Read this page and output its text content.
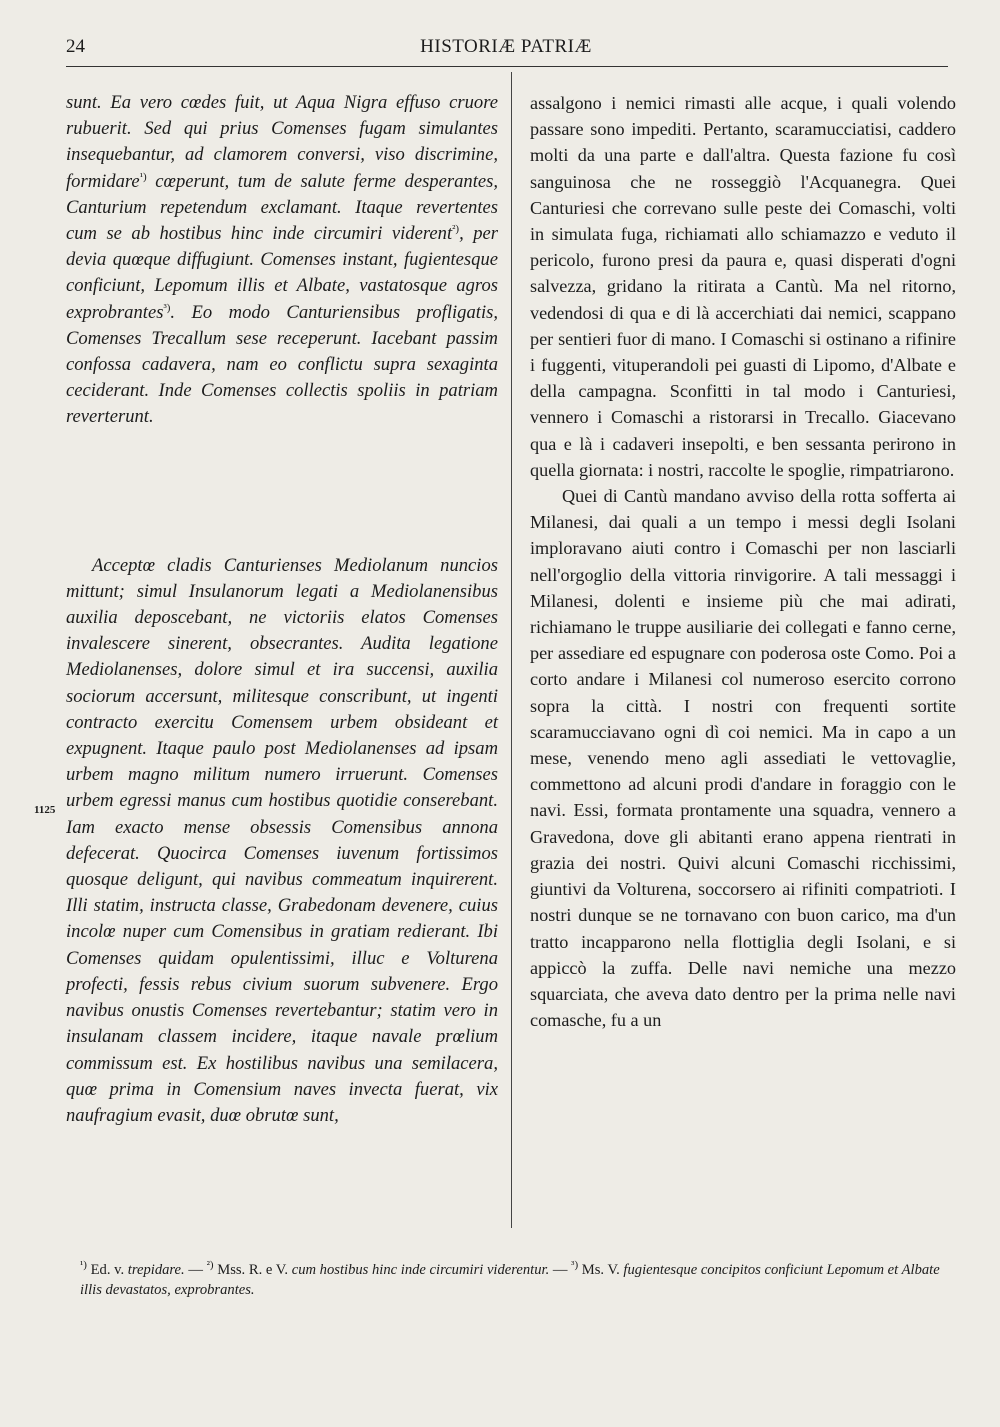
24	HISTORIÆ PATRIÆ

sunt. Ea vero cœdes fuit, ut Aqua Nigra effuso cruore rubuerit. Sed qui prius Comenses fugam simulantes insequebantur, ad clamorem conversi, viso discrimine, formidare$^{^1)}$ cœperunt, tum de salute ferme desperantes, Canturium repetendum exclamant. Itaque revertentes cum se ab hostibus hinc inde circumiri viderent$^{^2)}$, per devia quœque diffugiunt. Comenses instant, fugientesque conficiunt, Lepomum illis et Albate, vastatosque agros exprobrantes$^{^3)}$. Eo modo Canturiensibus profligatis, Comenses Trecallum sese receperunt. Iacebant passim confossa cadavera, nam eo conflictu supra sexaginta ceciderant. Inde Comenses collectis spoliis in patriam reverterunt.

Acceptœ cladis Canturienses Mediolanum nuncios mittunt; simul Insulanorum legati a Mediolanensibus auxilia deposcebant, ne victoriis elatos Comenses invalescere sinerent, obsecrantes. Audita legatione Mediolanenses, dolore simul et ira succensi, auxilia sociorum accersunt, militesque conscribunt, ut ingenti contracto exercitu Comensem urbem obsideant et expugnent. Itaque paulo post Mediolanenses ad ipsam urbem magno militum numero irruerunt. Comenses urbem egressi manus cum hostibus quotidie conserebant. Iam exacto mense obsessis Comensibus annona defecerat. Quocirca Comenses iuvenum fortissimos quosque deligunt, qui navibus commeatum inquirerent. Illi statim, instructa classe, Grabedonam devenere, cuius incolœ nuper cum Comensibus in gratiam redierant. Ibi Comenses quidam opulentissimi, illuc e Volturena profecti, fessis rebus civium suorum subvenere. Ergo navibus onustis Comenses revertebantur; statim vero in insulanam classem incidere, itaque navale prœlium commissum est. Ex hostilibus navibus una semilacera, quœ prima in Comensium naves invecta fuerat, vix naufragium evasit, duœ obrutœ sunt,

1125

assalgono i nemici rimasti alle acque, i quali volendo passare sono impediti. Pertanto, scaramucciatisi, caddero molti da una parte e dall'altra. Questa fazione fu così sanguinosa che ne rosseggiò l'Acquanegra. Quei Canturiesi che correvano sulle peste dei Comaschi, volti in simulata fuga, richiamati allo schiamazzo e veduto il pericolo, furono presi da paura e, quasi disperati d'ogni salvezza, gridano la ritirata a Cantù. Ma nel ritorno, vedendosi di qua e di là accerchiati dai nemici, scappano per sentieri fuor di mano. I Comaschi si ostinano a rifinire i fuggenti, vituperandoli pei guasti di Lipomo, d'Albate e della campagna. Sconfitti in tal modo i Canturiesi, vennero i Comaschi a ristorarsi in Trecallo. Giacevano qua e là i cadaveri insepolti, e ben sessanta perirono in quella giornata: i nostri, raccolte le spoglie, rimpatriarono.

Quei di Cantù mandano avviso della rotta sofferta ai Milanesi, dai quali a un tempo i messi degli Isolani imploravano aiuti contro i Comaschi per non lasciarli nell'orgoglio della vittoria rinvigorire. A tali messaggi i Milanesi, dolenti e insieme più che mai adirati, richiamano le truppe ausiliarie dei collegati e fanno cerne, per assediare ed espugnare con poderosa oste Como. Poi a corto andare i Milanesi col numeroso esercito corrono sopra la città. I nostri con frequenti sortite scaramucciavano ogni dì coi nemici. Ma in capo a un mese, venendo meno agli assediati le vettovaglie, commettono ad alcuni prodi d'andare in foraggio con le navi. Essi, formata prontamente una squadra, vennero a Gravedona, dove gli abitanti erano appena rientrati in grazia dei nostri. Quivi alcuni Comaschi ricchissimi, giuntivi da Volturena, soccorsero ai rifiniti compatrioti. I nostri dunque se ne tornavano con buon carico, ma d'un tratto incapparono nella flottiglia degli Isolani, e si appiccò la zuffa. Delle navi nemiche una mezzo squarciata, che aveva dato dentro per la prima nelle navi comasche, fu a un

$^{^1)}$ Ed. v. trepidare. — $^{^2)}$ Mss. R. e V. cum hostibus hinc inde circumiri viderentur. — $^{^3)}$ Ms. V. fugientesque concipitos conficiunt Lepomum et Albate illis devastatos, exprobrantes.
